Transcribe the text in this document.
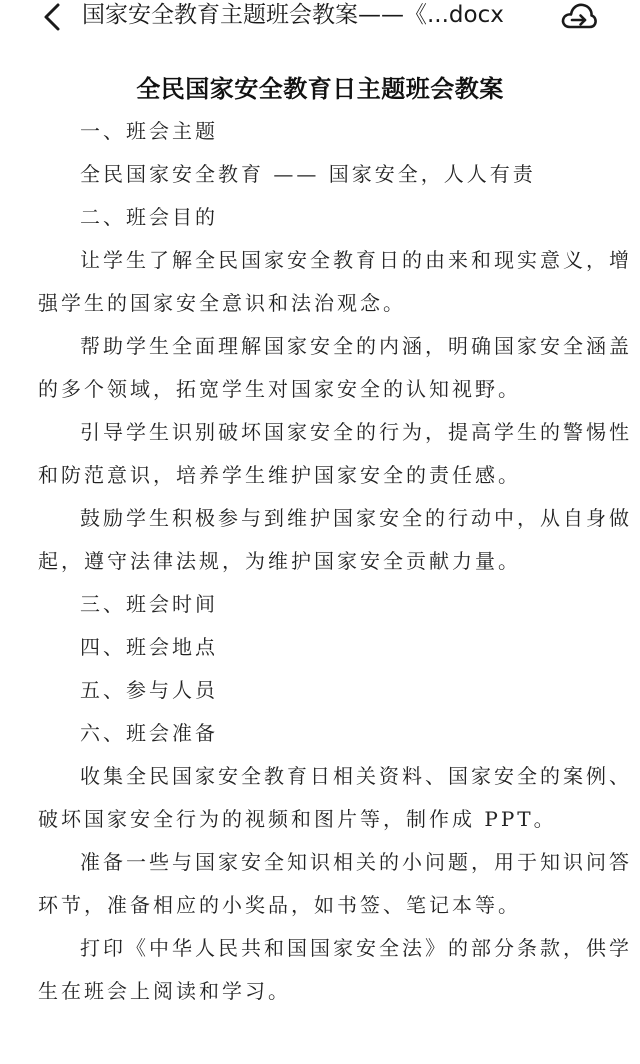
国家安全教育主题班会教案——《...docx
全民国家安全教育日主题班会教案
一、班会主题
全民国家安全教育 —— 国家安全，人人有责
二、班会目的
让学生了解全民国家安全教育日的由来和现实意义，增
强学生的国家安全意识和法治观念。
帮助学生全面理解国家安全的内涵，明确国家安全涵盖
的多个领域，拓宽学生对国家安全的认知视野。
引导学生识别破坏国家安全的行为，提高学生的警惕性
和防范意识，培养学生维护国家安全的责任感。
鼓励学生积极参与到维护国家安全的行动中，从自身做
起，遵守法律法规，为维护国家安全贡献力量。
三、班会时间
四、班会地点
五、参与人员
六、班会准备
收集全民国家安全教育日相关资料、国家安全的案例、
破坏国家安全行为的视频和图片等，制作成 PPT。
准备一些与国家安全知识相关的小问题，用于知识问答
环节，准备相应的小奖品，如书签、笔记本等。
打印《中华人民共和国国家安全法》的部分条款，供学
生在班会上阅读和学习。
